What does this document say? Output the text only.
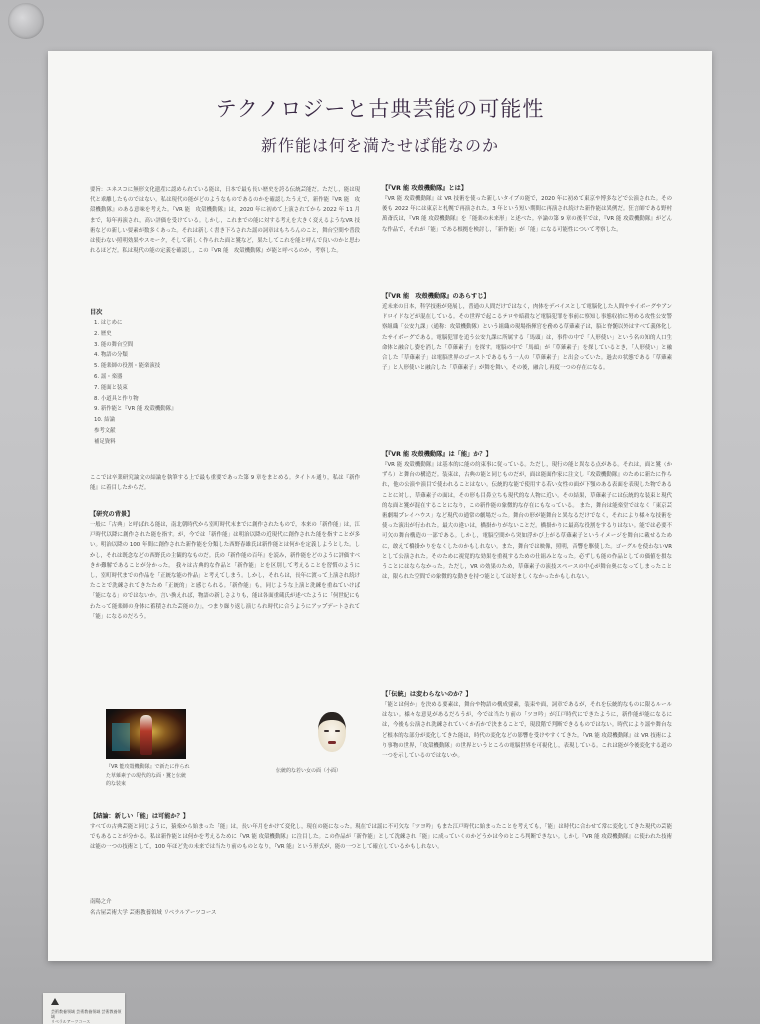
テクノロジーと古典芸能の可能性
新作能は何を満たせば能なのか
要旨：ユネスコに無形文化遺産に認められている能は，日本で最も長い歴史を誇る伝統芸能だ。ただし，能は現代と乖離したものではない。私は現代の能がどのようなものであるのかを確認したうえで，新作能『VR 能　攻殻機動隊』のある意味を考えた。『VR 能　攻殻機動隊』は，2020 年に初めて上演されてから 2022 年 11 月まで，毎年再演され，高い評価を受けている。しかし，これまでの能に対する考えを大きく変えるようなVR 技術などの新しい要素が数多くあった。それは新しく書き下ろされた謡の詞章はもちろんのこと，舞台空間や普段は使わない照明効果やスモーク，そして新しく作られた面と鬘など，果たしてこれを能と呼んで良いのかと思われるほどだ。私は現代の能の定義を確認し，この『VR 能　攻殻機動隊』が能と呼べるのか，考察した。
目次
1. はじめに
2. 歴史
3. 能の舞台空間
4. 物語の分類
5. 能楽師の役割・能楽演技
6. 謡・楽器
7. 能面と装束
8. 小道具と作り物
9. 新作能と『VR 能 攻殻機動隊』
10. 結論
参考文献
補足資料
ここでは卒業研究論文の結論を執筆する上で最も重要であった第 9 章をまとめる。タイトル通り，私は『新作能』に着目したからだ。
【研究の背景】
一般に「古典」と呼ばれる能は，南北朝時代から室町時代末までに創作されたもので，本来の「新作能」は，江戸時代以降に創作された能を指す。が，今では「新作能」は明治以降の近現代に創作された能を指すことが多い。明治以降の 100 年間に創作された新作能を分類した西野春雄氏は新作能とは何かを定義しようとした。しかし，それは既念などの西野氏の主観的なものだ。氏の『新作能の百年』を読み，新作能をどのように評価すべきか難解であることが分かった。 我々は古典的な作品と「新作能」とを区別して考えることを習慣のようにし，室町時代までの作品を「正統な能の作品」と考えてしまう。しかし，それらは，長年に渡って上演され続けたことで洗練されてきたため「正統的」と感じられる。「新作能」も，同じような上演と洗練を重ねていけば「能になる」のではないか。言い換えれば，物語の新しさよりも，能は各面重蔵氏が述べたように「何世紀にもわたって能楽師の身体に蓄積された芸能の力」，つまり繰り返し演じられ時代に合うようにアップデートされて「能」になるのだろう。
【『VR 能 攻殻機動隊』とは】
『VR 能 攻殻機動隊』は VR 技術を使った新しいタイプの能で，2020 年に初めて東京や博多などで公演された。その後も 2022 年には東京と札幌で再演された。3 年という短い期間に再演され続けた新作能は異例だ。狂言師である野村萬斎氏は，『VR 能 攻殻機動隊』を「能楽の未来形」と述べた。卒論の第 9 章の後半では，『VR 能 攻殻機動隊』がどんな作品で，それが「能」である根拠を検討し，「新作能」が「能」になる可能性について考察した。
【『VR 能　攻殻機動隊』のあらすじ】
近未来の日本，科学技術が発展し，普通の人間だけではなく，肉体をデバイスとして電脳化した人間やサイボーグやアンドロイドなどが混在している。その世界で起こるテロや暗殺など電脳犯罪を事前に察知し事態収拾に努める攻性公安警察組織「公安九課」（通称：攻殻機動隊）という組織の現場指揮官を務める草薙素子は，脳と脊髄以外はすべて義体化したサイボーグである。電脳犯罪を追う公安九課に所属する「馬頭」は，事件の中で「人形使い」という名の知的人口生命体と融合し姿を消した「草薙素子」を探す。電脳の中で「馬頭」が「草薙素子」を探しているとき，「人形使い」と融合した「草薙素子」は電脳世界のゴーストであるもう一人の「草薙素子」と出会っていた。過去の状態である「草薙素子」と人形使いと融合した「草薙素子」が舞を舞い，その後，融合し再度一つの存在になる。
【『VR 能 攻殻機動隊』は「能」か？】
『VR 能 攻殻機動隊』は基本的に能の約束事に従っている。ただし，現行の能と異なる点がある。それは，面と鬘（かずら）と舞台の構造だ。装束は，古典の能と同じものだが，面は能面作家に注文し『攻殻機動隊』のために新たに作られ，他の公演や演目で使われることはない。伝統的な能で使用する若い女性の面が下顎のある表面を表現した物であることに対し，草薙素子の面は，その形も目鼻立ちも現代的な人物に近い。その結果，草薙素子には伝統的な装束と現代的な面と鬘が混在することになり，この新作能の象徴的な存在にもなっている。 また，舞台は能楽堂ではなく「東京芸術劇場プレイハウス」など現代の通常の劇場だった。舞台の形が能舞台と異なるだけでなく，それにより様々な技術を使った演出が行われた。最大の違いは，橋掛かりがないことだ。橋掛かりに最高な役割をするりはない。能では必要不可欠の舞台構造の一部である。しかし，電脳空間から突如浮かび上がる草薙素子というイメージを舞台に載せるために，敢えて橋掛かりをなくしたのかもしれない。また，舞台では映像，照明，音響を駆使した。ゴーグルを使わないVR として公演された。そのために視覚的な効果を重視するための仕組みとなった。必ずしも能の作品としての価値を損なうことにはならなかった。ただし，VR の効果のため，草薙素子の演技スペースの中心が舞台奥になってしまったことは，限られた空間での象徴的な動きを持つ能としては好ましくなかったかもしれない。
【「伝統」は変わらないのか？】
「能とは何か」を決める要素は，舞台や物語の構成要素，装束や面，詞章であるが，それを伝統的なものに限るルールはない。様々な意見があるだろうが，今では当たり前の「ツヨ吟」が江戸時代にできたように，新作能が能になるには，今後も公演され洗練されていくか否かで決まることで，現段階で判断できるものではない。時代により謡や舞台など根本的な部分が変化してきた能は，時代の変化などの影響を受けやすくてきた。『VR 能 攻殻機動隊』は VR 技術により事物の世界，「攻殻機動隊」の世界というところの電脳世界を可視化し，表現している。これは能が今後変化する道の一つを示しているのではないか。
『VR 能攻殻機動隊』で新たに作られた草薙素子の現代的な面・鬘と伝統的な装束
伝統的な若い女の面（小面）
【結論：新しい「能」は可能か？】
すべての古典芸能と同じように，猿楽から始まった「能」は，長い年月をかけて変化し，現在の能になった。現在では謡に不可欠な「ツヨ吟」もまた江戸時代に始まったことを考えても，「能」は時代に合わせて常に変化してきた現代の芸能でもあることが分かる。私は新作能とは何かを考えるために『VR 能 攻殻機動隊』に注目した。この作品が「新作能」として洗練され「能」に成っていくのかどうかは今のところ判断できない。しかし『VR 能 攻殻機動隊』に使われた技術は能の一つの技術として，100 年ほど先の未来では当たり前のものとなり，『VR 能』という形式が，能の一つとして確立しているかもしれない。
南陽之介
名古屋芸術大学 芸術教養領域 リベラルアーツコース
芸術教養領域 芸術教養領域 芸術教養領域
リベラルアーツコース
